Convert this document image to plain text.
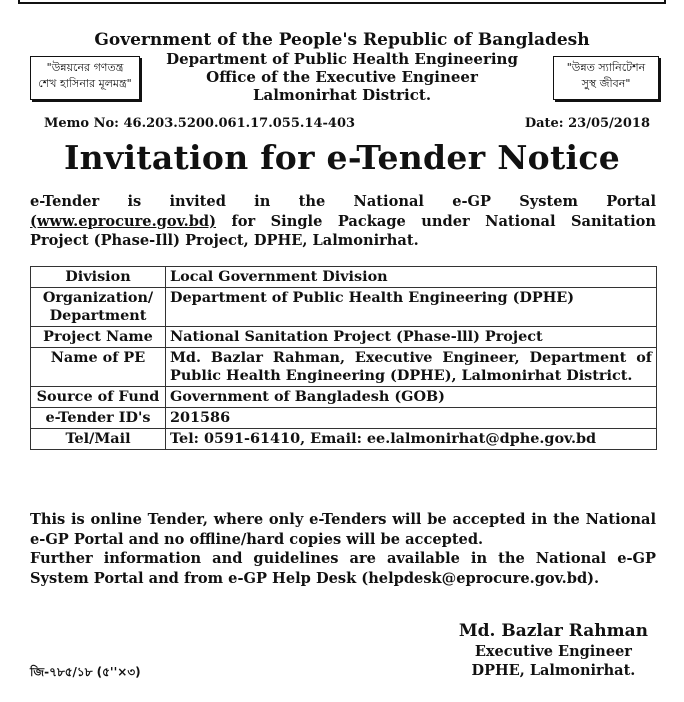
Government of the People's Republic of Bangladesh
Department of Public Health Engineering
Office of the Executive Engineer
Lalmonirhat District.
"উন্নয়নের গণতন্ত্র
শেখ হাসিনার মূলমন্ত্র"
"উন্নত স্যানিটেশন
সুস্থ জীবন"
Memo No: 46.203.5200.061.17.055.14-403	Date: 23/05/2018
Invitation for e-Tender Notice
e-Tender is invited in the National e-GP System Portal (www.eprocure.gov.bd) for Single Package under National Sanitation Project (Phase-Ill) Project, DPHE, Lalmonirhat.
Division	Local Government Division
Organization/ Department	Department of Public Health Engineering (DPHE)
Project Name	National Sanitation Project (Phase-lll) Project
Name of PE	Md. Bazlar Rahman, Executive Engineer, Department of Public Health Engineering (DPHE), Lalmonirhat District.
Source of Fund	Government of Bangladesh (GOB)
e-Tender ID's	201586
Tel/Mail	Tel: 0591-61410, Email: ee.lalmonirhat@dphe.gov.bd
This is online Tender, where only e-Tenders will be accepted in the National e-GP Portal and no offline/hard copies will be accepted.
Further information and guidelines are available in the National e-GP System Portal and from e-GP Help Desk (helpdesk@eprocure.gov.bd).
Md. Bazlar Rahman
Executive Engineer
DPHE, Lalmonirhat.
জি-৭৮৫/১৮ (৫''×৩)
